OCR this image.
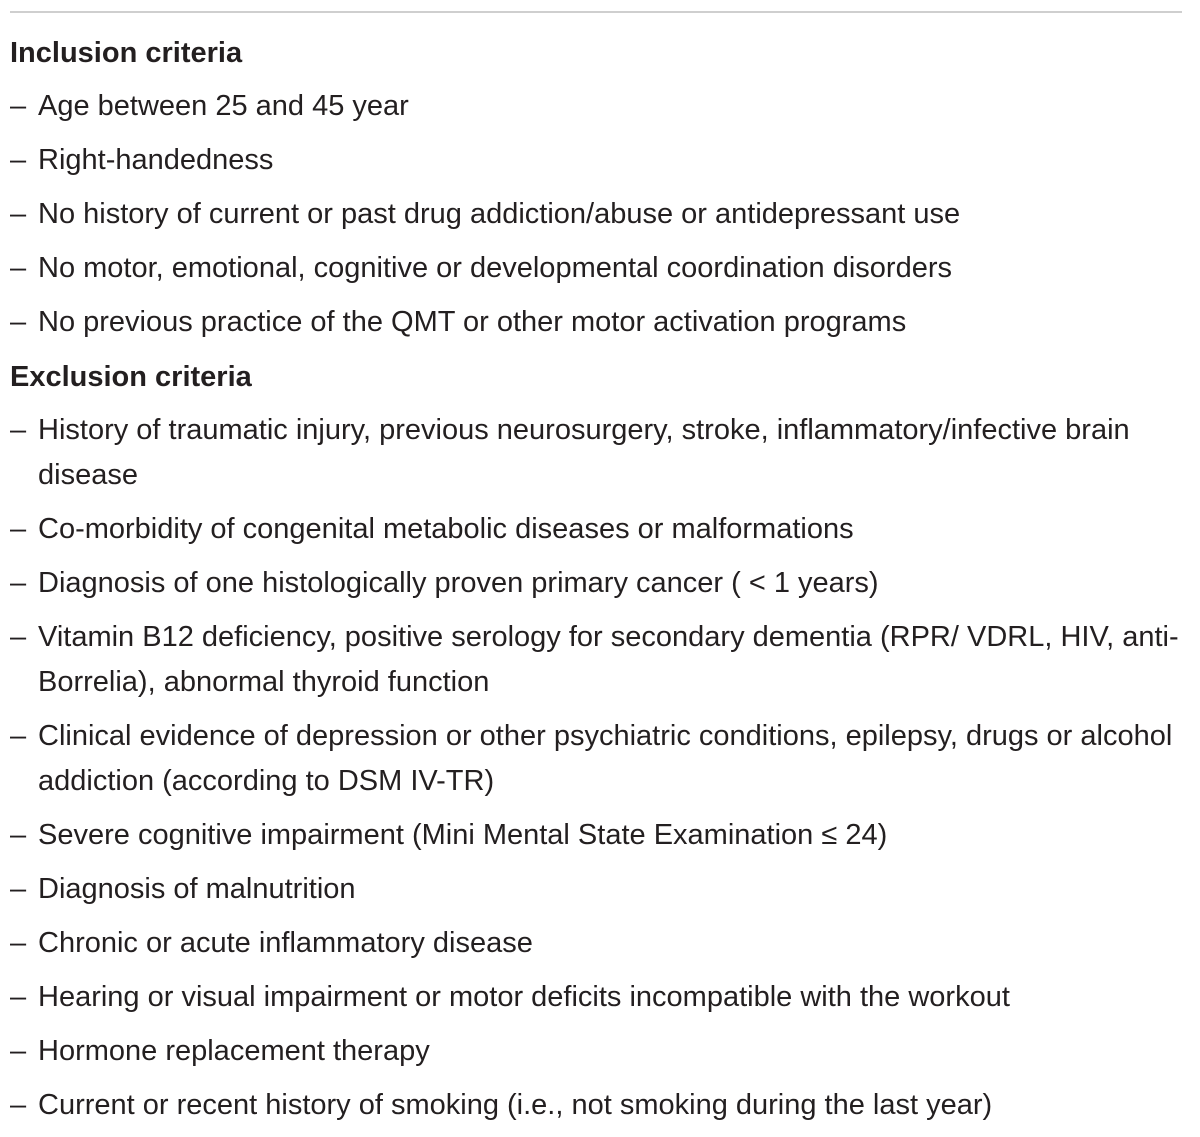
Inclusion criteria
– Age between 25 and 45 year
– Right-handedness
– No history of current or past drug addiction/abuse or antidepressant use
– No motor, emotional, cognitive or developmental coordination disorders
– No previous practice of the QMT or other motor activation programs
Exclusion criteria
– History of traumatic injury, previous neurosurgery, stroke, inflammatory/infective brain disease
– Co-morbidity of congenital metabolic diseases or malformations
– Diagnosis of one histologically proven primary cancer ( < 1 years)
– Vitamin B12 deficiency, positive serology for secondary dementia (RPR/ VDRL, HIV, anti-Borrelia), abnormal thyroid function
– Clinical evidence of depression or other psychiatric conditions, epilepsy, drugs or alcohol addiction (according to DSM IV-TR)
– Severe cognitive impairment (Mini Mental State Examination ≤ 24)
– Diagnosis of malnutrition
– Chronic or acute inflammatory disease
– Hearing or visual impairment or motor deficits incompatible with the workout
– Hormone replacement therapy
– Current or recent history of smoking (i.e., not smoking during the last year)
